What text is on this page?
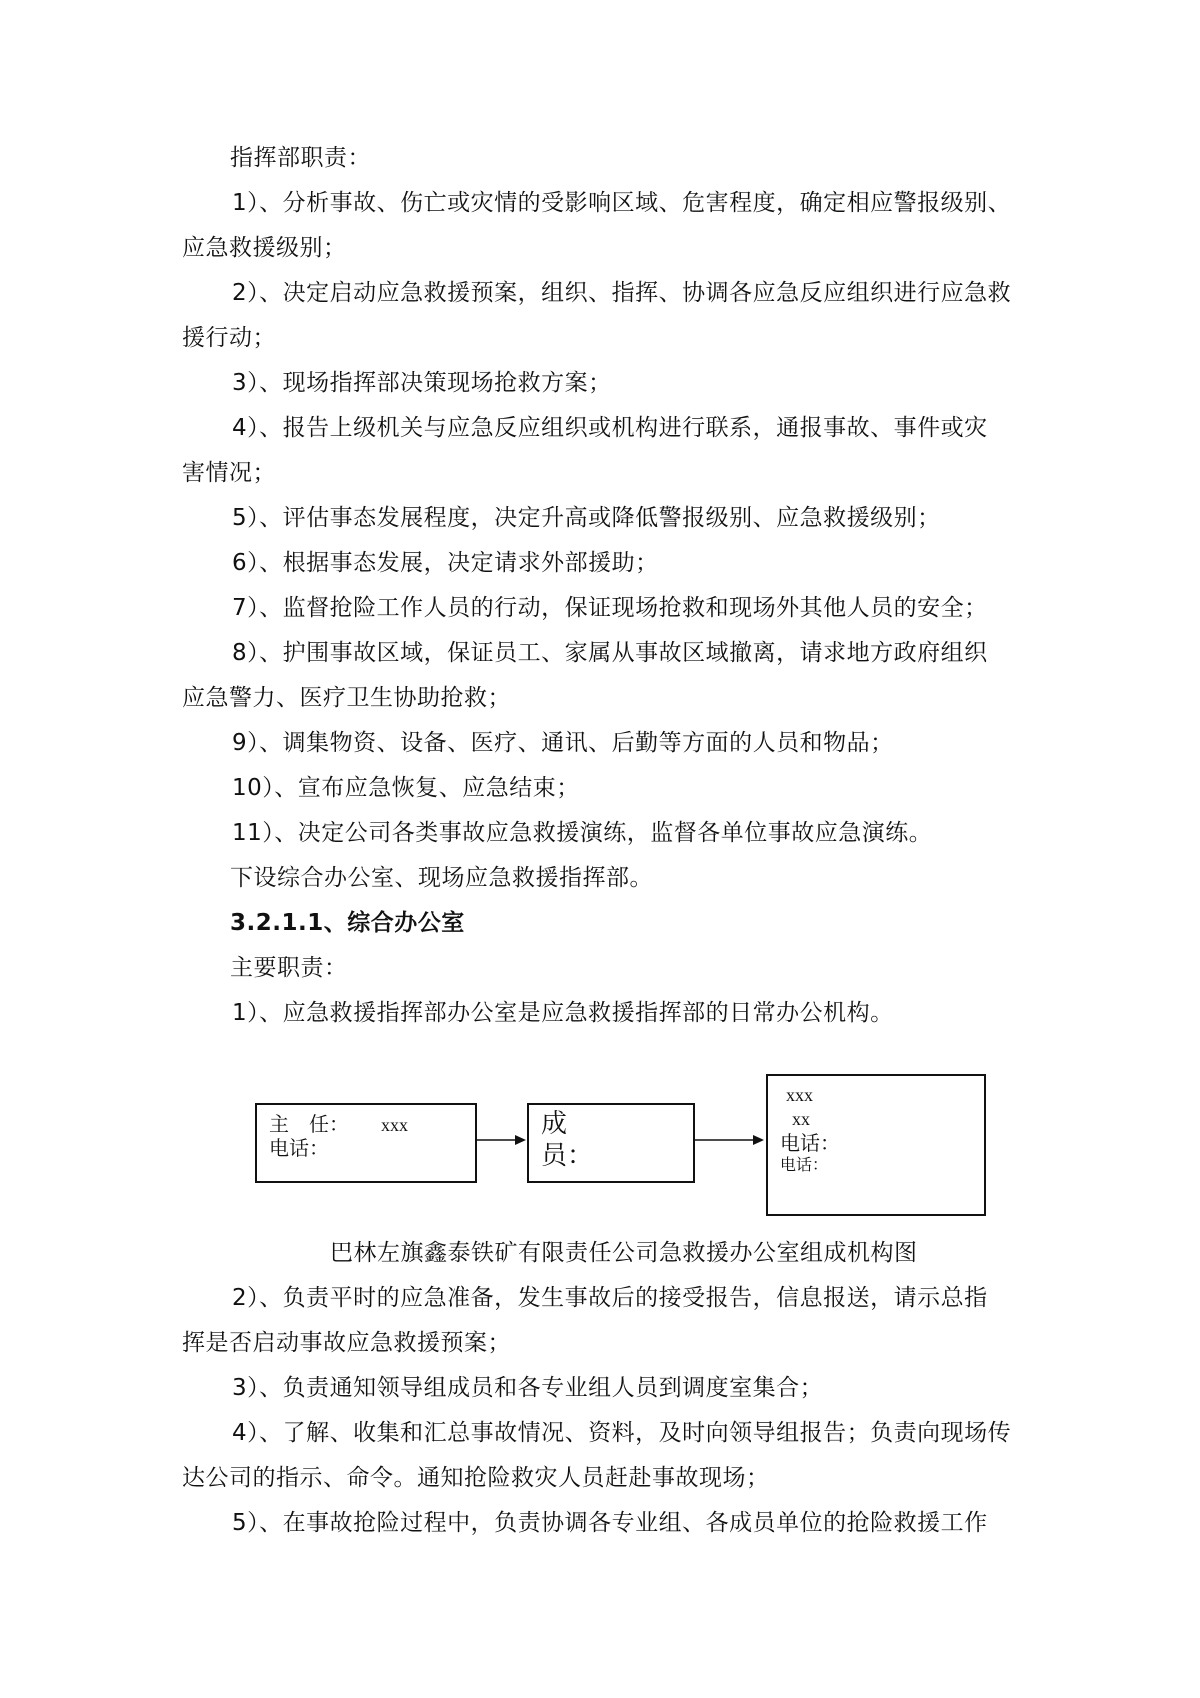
指挥部职责：
1）、分析事故、伤亡或灾情的受影响区域、危害程度，确定相应警报级别、
应急救援级别；
2）、决定启动应急救援预案，组织、指挥、协调各应急反应组织进行应急救
援行动；
3）、现场指挥部决策现场抢救方案；
4）、报告上级机关与应急反应组织或机构进行联系，通报事故、事件或灾
害情况；
5）、评估事态发展程度，决定升高或降低警报级别、应急救援级别；
6）、根据事态发展，决定请求外部援助；
7）、监督抢险工作人员的行动，保证现场抢救和现场外其他人员的安全；
8）、护围事故区域，保证员工、家属从事故区域撤离，请求地方政府组织
应急警力、医疗卫生协助抢救；
9）、调集物资、设备、医疗、通讯、后勤等方面的人员和物品；
10）、宣布应急恢复、应急结束；
11）、决定公司各类事故应急救援演练，监督各单位事故应急演练。
下设综合办公室、现场应急救援指挥部。
3.2.1.1、综合办公室
主要职责：
1）、应急救援指挥部办公室是应急救援指挥部的日常办公机构。
主　任： xxx
电话：
成
员：
xxx
xx
电话：
电话：
巴林左旗鑫泰铁矿有限责任公司急救援办公室组成机构图
2）、负责平时的应急准备，发生事故后的接受报告，信息报送，请示总指
挥是否启动事故应急救援预案；
3）、负责通知领导组成员和各专业组人员到调度室集合；
4）、了解、收集和汇总事故情况、资料，及时向领导组报告；负责向现场传
达公司的指示、命令。通知抢险救灾人员赶赴事故现场；
5）、在事故抢险过程中，负责协调各专业组、各成员单位的抢险救援工作
